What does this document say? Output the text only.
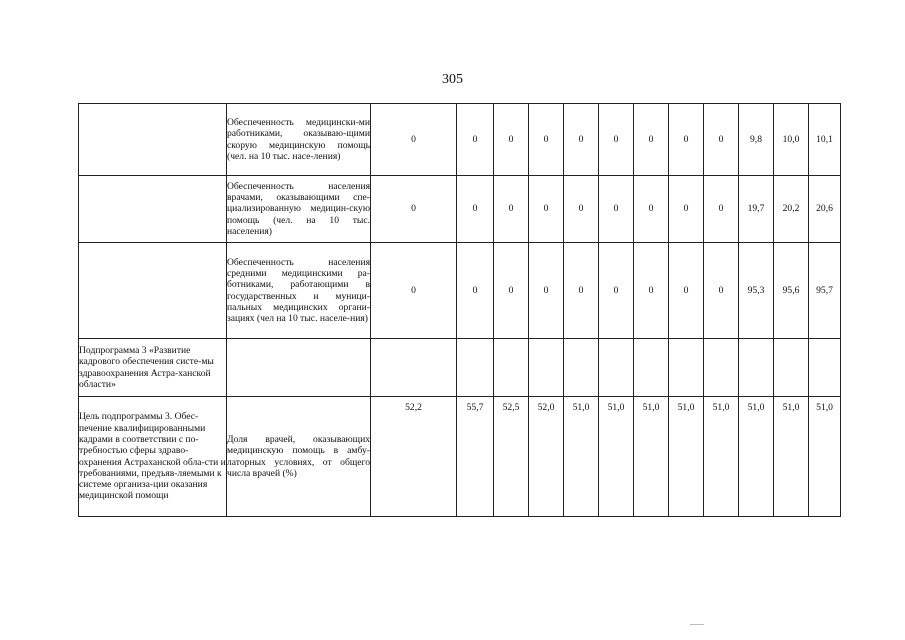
305
	Обеспеченность медицински-ми работниками, оказываю-щими скорую медицинскую помощь (чел. на 10 тыс. насе-ления)	0	0	0	0	0	0	0	0	0	9,8	10,0	10,1
	Обеспеченность населения врачами, оказывающими спе-циализированную медицин-скую помощь (чел. на 10 тыс. населения)	0	0	0	0	0	0	0	0	0	19,7	20,2	20,6
	Обеспеченность населения средними медицинскими ра-ботниками, работающими в государственных и муници-пальных медицинских органи-зациях (чел на 10 тыс. населе-ния)	0	0	0	0	0	0	0	0	0	95,3	95,6	95,7
Подпрограмма 3 «Развитие кадрового обеспечения систе-мы здравоохранения Астра-ханской области»													
Цель подпрограммы 3. Обес-печение квалифицированными кадрами в соответствии с по-требностью сферы здраво-охранения Астраханской обла-сти и требованиями, предъяв-ляемыми к системе организа-ции оказания медицинской помощи	Доля врачей, оказывающих медицинскую помощь в амбу-латорных условиях, от общего числа врачей (%)	52,2	55,7	52,5	52,0	51,0	51,0	51,0	51,0	51,0	51,0	51,0	51,0
